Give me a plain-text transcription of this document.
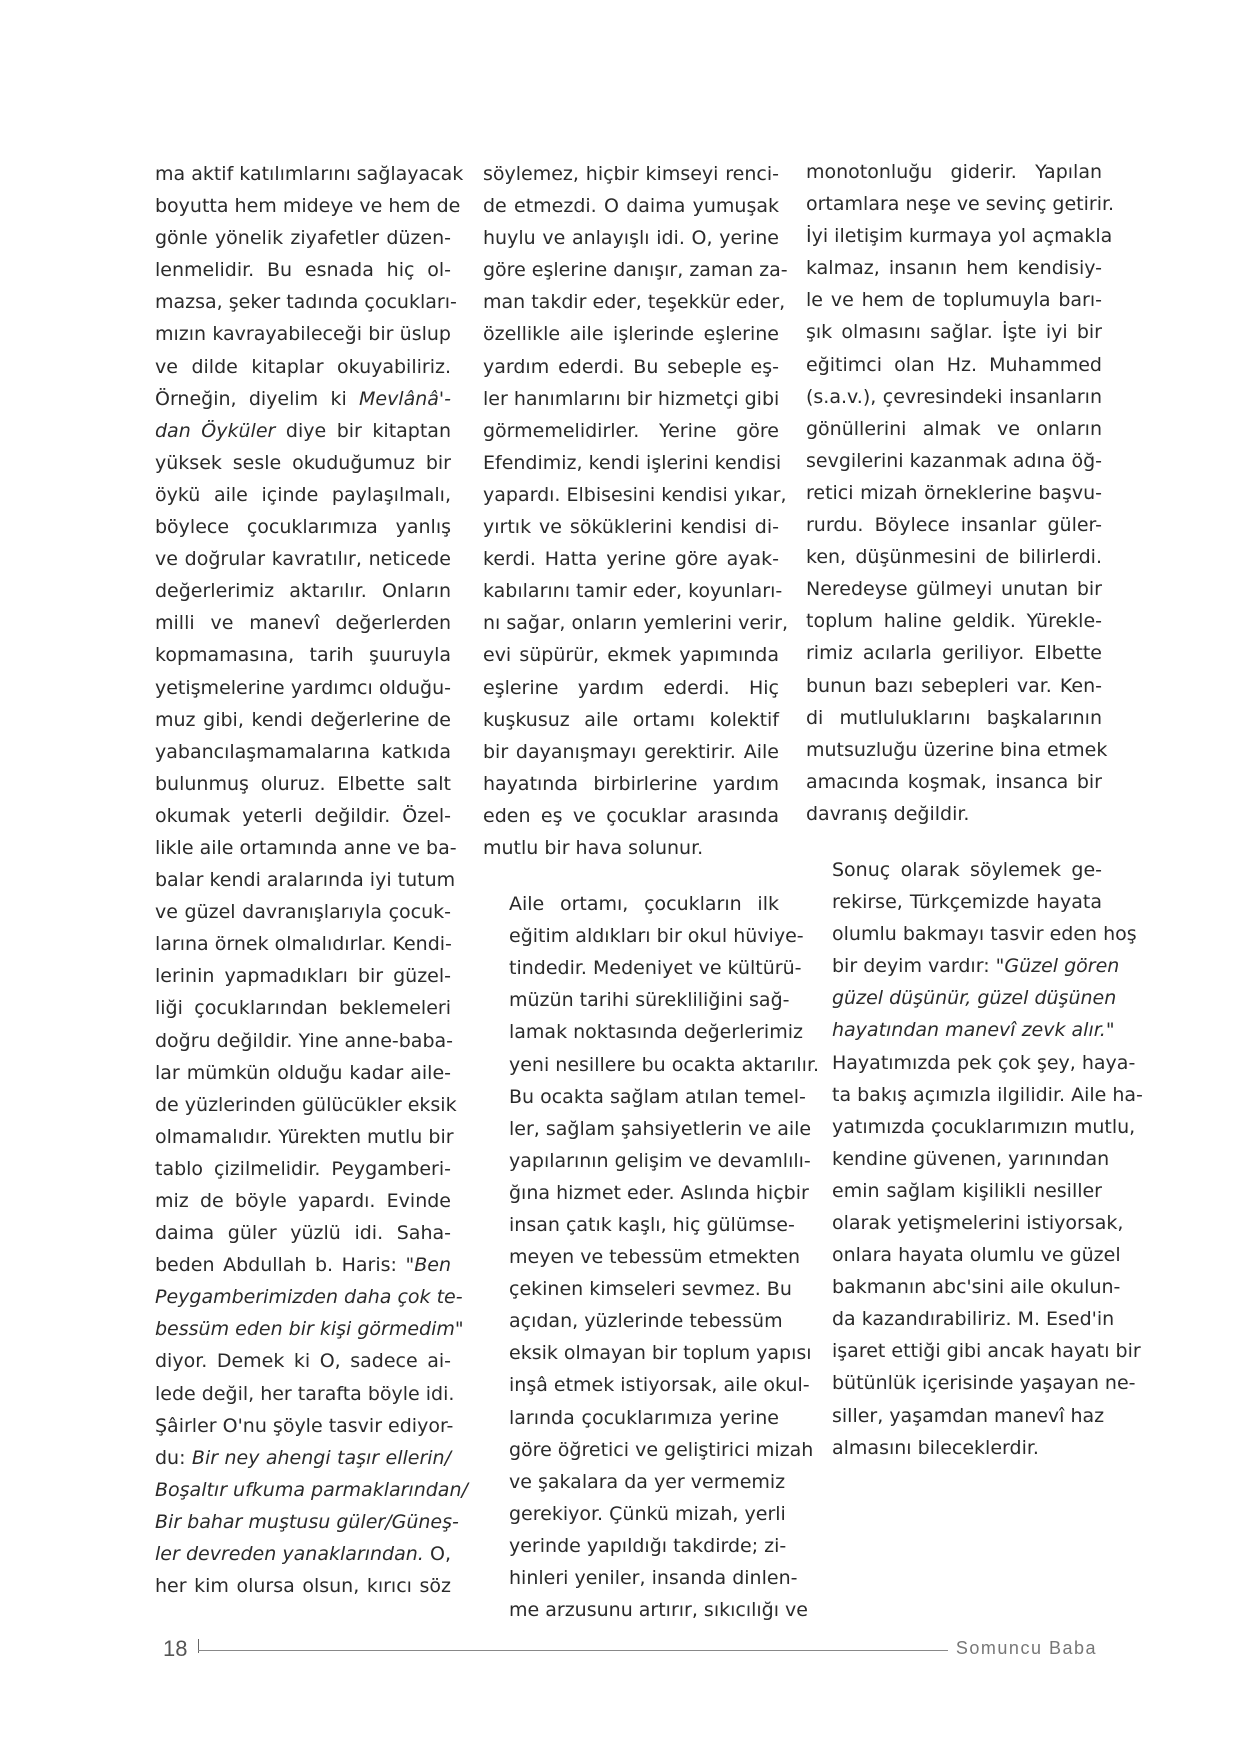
ma aktif katılımlarını sağlayacak
boyutta hem mideye ve hem de
gönle yönelik ziyafetler düzen-
lenmelidir. Bu esnada hiç ol-
mazsa, şeker tadında çocukları-
mızın kavrayabileceği bir üslup
ve dilde kitaplar okuyabiliriz.
Örneğin, diyelim ki Mevlânâ'-
dan Öyküler diye bir kitaptan
yüksek sesle okuduğumuz bir
öykü aile içinde paylaşılmalı,
böylece çocuklarımıza yanlış
ve doğrular kavratılır, neticede
değerlerimiz aktarılır. Onların
milli ve manevî değerlerden
kopmamasına, tarih şuuruyla
yetişmelerine yardımcı olduğu-
muz gibi, kendi değerlerine de
yabancılaşmamalarına katkıda
bulunmuş oluruz. Elbette salt
okumak yeterli değildir. Özel-
likle aile ortamında anne ve ba-
balar kendi aralarında iyi tutum
ve güzel davranışlarıyla çocuk-
larına örnek olmalıdırlar. Kendi-
lerinin yapmadıkları bir güzel-
liği çocuklarından beklemeleri
doğru değildir. Yine anne-baba-
lar mümkün olduğu kadar aile-
de yüzlerinden gülücükler eksik
olmamalıdır. Yürekten mutlu bir
tablo çizilmelidir. Peygamberi-
miz de böyle yapardı. Evinde
daima güler yüzlü idi. Saha-
beden Abdullah b. Haris: "Ben
Peygamberimizden daha çok te-
bessüm eden bir kişi görmedim"
diyor. Demek ki O, sadece ai-
lede değil, her tarafta böyle idi.
Şâirler O'nu şöyle tasvir ediyor-
du: Bir ney ahengi taşır ellerin/
Boşaltır ufkuma parmaklarından/
Bir bahar muştusu güler/Güneş-
ler devreden yanaklarından. O,
her kim olursa olsun, kırıcı söz

söylemez, hiçbir kimseyi renci-
de etmezdi. O daima yumuşak
huylu ve anlayışlı idi. O, yerine
göre eşlerine danışır, zaman za-
man takdir eder, teşekkür eder,
özellikle aile işlerinde eşlerine
yardım ederdi. Bu sebeple eş-
ler hanımlarını bir hizmetçi gibi
görmemelidirler. Yerine göre
Efendimiz, kendi işlerini kendisi
yapardı. Elbisesini kendisi yıkar,
yırtık ve söküklerini kendisi di-
kerdi. Hatta yerine göre ayak-
kabılarını tamir eder, koyunları-
nı sağar, onların yemlerini verir,
evi süpürür, ekmek yapımında
eşlerine yardım ederdi. Hiç
kuşkusuz aile ortamı kolektif
bir dayanışmayı gerektirir. Aile
hayatında birbirlerine yardım
eden eş ve çocuklar arasında
mutlu bir hava solunur.

Aile ortamı, çocukların ilk
eğitim aldıkları bir okul hüviye-
tindedir. Medeniyet ve kültürü-
müzün tarihi sürekliliğini sağ-
lamak noktasında değerlerimiz
yeni nesillere bu ocakta aktarılır.
Bu ocakta sağlam atılan temel-
ler, sağlam şahsiyetlerin ve aile
yapılarının gelişim ve devamlılı-
ğına hizmet eder. Aslında hiçbir
insan çatık kaşlı, hiç gülümse-
meyen ve tebessüm etmekten
çekinen kimseleri sevmez. Bu
açıdan, yüzlerinde tebessüm
eksik olmayan bir toplum yapısı
inşâ etmek istiyorsak, aile okul-
larında çocuklarımıza yerine
göre öğretici ve geliştirici mizah
ve şakalara da yer vermemiz
gerekiyor. Çünkü mizah, yerli
yerinde yapıldığı takdirde; zi-
hinleri yeniler, insanda dinlen-
me arzusunu artırır, sıkıcılığı ve

monotonluğu giderir. Yapılan
ortamlara neşe ve sevinç getirir.
İyi iletişim kurmaya yol açmakla
kalmaz, insanın hem kendisiy-
le ve hem de toplumuyla barı-
şık olmasını sağlar. İşte iyi bir
eğitimci olan Hz. Muhammed
(s.a.v.), çevresindeki insanların
gönüllerini almak ve onların
sevgilerini kazanmak adına öğ-
retici mizah örneklerine başvu-
rurdu. Böylece insanlar güler-
ken, düşünmesini de bilirlerdi.
Neredeyse gülmeyi unutan bir
toplum haline geldik. Yürekle-
rimiz acılarla geriliyor. Elbette
bunun bazı sebepleri var. Ken-
di mutluluklarını başkalarının
mutsuzluğu üzerine bina etmek
amacında koşmak, insanca bir
davranış değildir.

Sonuç olarak söylemek ge-
rekirse, Türkçemizde hayata
olumlu bakmayı tasvir eden hoş
bir deyim vardır: "Güzel gören
güzel düşünür, güzel düşünen
hayatından manevî zevk alır."
Hayatımızda pek çok şey, haya-
ta bakış açımızla ilgilidir. Aile ha-
yatımızda çocuklarımızın mutlu,
kendine güvenen, yarınından
emin sağlam kişilikli nesiller
olarak yetişmelerini istiyorsak,
onlara hayata olumlu ve güzel
bakmanın abc'sini aile okulun-
da kazandırabiliriz. M. Esed'in
işaret ettiği gibi ancak hayatı bir
bütünlük içerisinde yaşayan ne-
siller, yaşamdan manevî haz
almasını bileceklerdir.

18	Somuncu Baba
